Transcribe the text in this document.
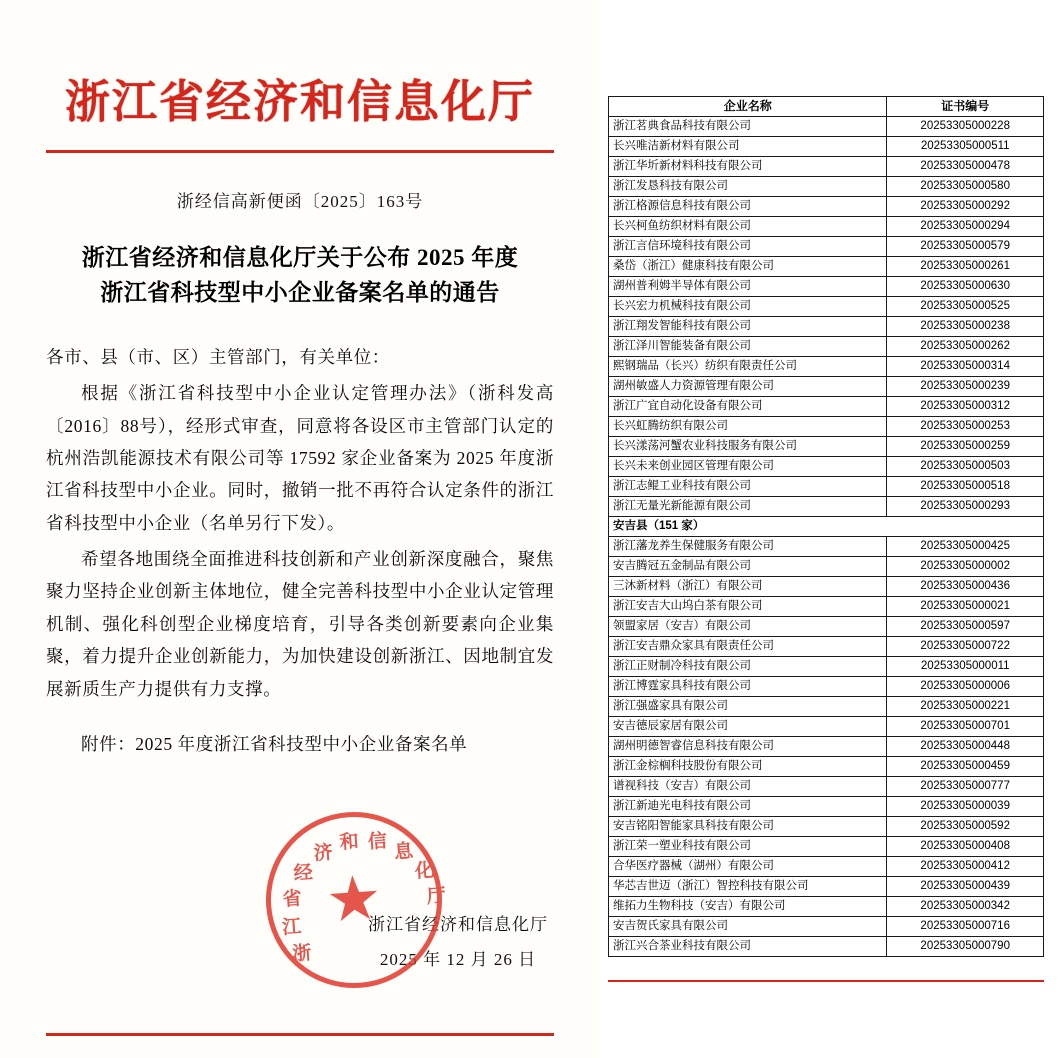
浙江省经济和信息化厅
浙经信高新便函〔2025〕163号
浙江省经济和信息化厅关于公布 2025 年度
浙江省科技型中小企业备案名单的通告

各市、县（市、区）主管部门，有关单位：

根据《浙江省科技型中小企业认定管理办法》（浙科发高〔2016〕88号），经形式审查，同意将各设区市主管部门认定的杭州浩凯能源技术有限公司等 17592 家企业备案为 2025 年度浙江省科技型中小企业。同时，撤销一批不再符合认定条件的浙江省科技型中小企业（名单另行下发）。

希望各地围绕全面推进科技创新和产业创新深度融合，聚焦聚力坚持企业创新主体地位，健全完善科技型中小企业认定管理机制、强化科创型企业梯度培育，引导各类创新要素向企业集聚，着力提升企业创新能力，为加快建设创新浙江、因地制宜发展新质生产力提供有力支撑。

附件：2025 年度浙江省科技型中小企业备案名单
浙江省经济和信息化厅
2025 年 12 月 26 日
浙
江
省
经
济 和 信 息
化
厅
★
企业名称	证书编号
浙江茗典食品科技有限公司	20253305000228
长兴唯洁新材料有限公司	20253305000511
浙江华圻新材料科技有限公司	20253305000478
浙江发恳科技有限公司	20253305000580
浙江格源信息科技有限公司	20253305000292
长兴柯鱼纺织材料有限公司	20253305000294
浙江言信环境科技有限公司	20253305000579
桑岱（浙江）健康科技有限公司	20253305000261
湖州普利姆半导体有限公司	20253305000630
长兴宏力机械科技有限公司	20253305000525
浙江翔发智能科技有限公司	20253305000238
浙江泽川智能装备有限公司	20253305000262
熙钢瑞品（长兴）纺织有限责任公司	20253305000314
湖州敏盛人力资源管理有限公司	20253305000239
浙江广宜自动化设备有限公司	20253305000312
长兴虹腾纺织有限公司	20253305000253
长兴漾荡河蟹农业科技服务有限公司	20253305000259
长兴未来创业园区管理有限公司	20253305000503
浙江志鲲工业科技有限公司	20253305000518
浙江无量光新能源有限公司	20253305000293
安吉县（151 家）	
浙江藩龙养生保健服务有限公司	20253305000425
安吉腾冠五金制品有限公司	20253305000002
三沐新材料（浙江）有限公司	20253305000436
浙江安吉大山坞白茶有限公司	20253305000021
领盟家居（安吉）有限公司	20253305000597
浙江安吉鼎众家具有限责任公司	20253305000722
浙江正财制冷科技有限公司	20253305000011
浙江博霆家具科技有限公司	20253305000006
浙江强盛家具有限公司	20253305000221
安吉德辰家居有限公司	20253305000701
湖州明德智睿信息科技有限公司	20253305000448
浙江金棕榈科技股份有限公司	20253305000459
谱视科技（安吉）有限公司	20253305000777
浙江新迪光电科技有限公司	20253305000039
安吉铭阳智能家具科技有限公司	20253305000592
浙江荣一塑业科技有限公司	20253305000408
合华医疗器械（湖州）有限公司	20253305000412
华芯吉世迈（浙江）智控科技有限公司	20253305000439
维拓力生物科技（安吉）有限公司	20253305000342
安吉贺氏家具有限公司	20253305000716
浙江兴合茶业科技有限公司	20253305000790
